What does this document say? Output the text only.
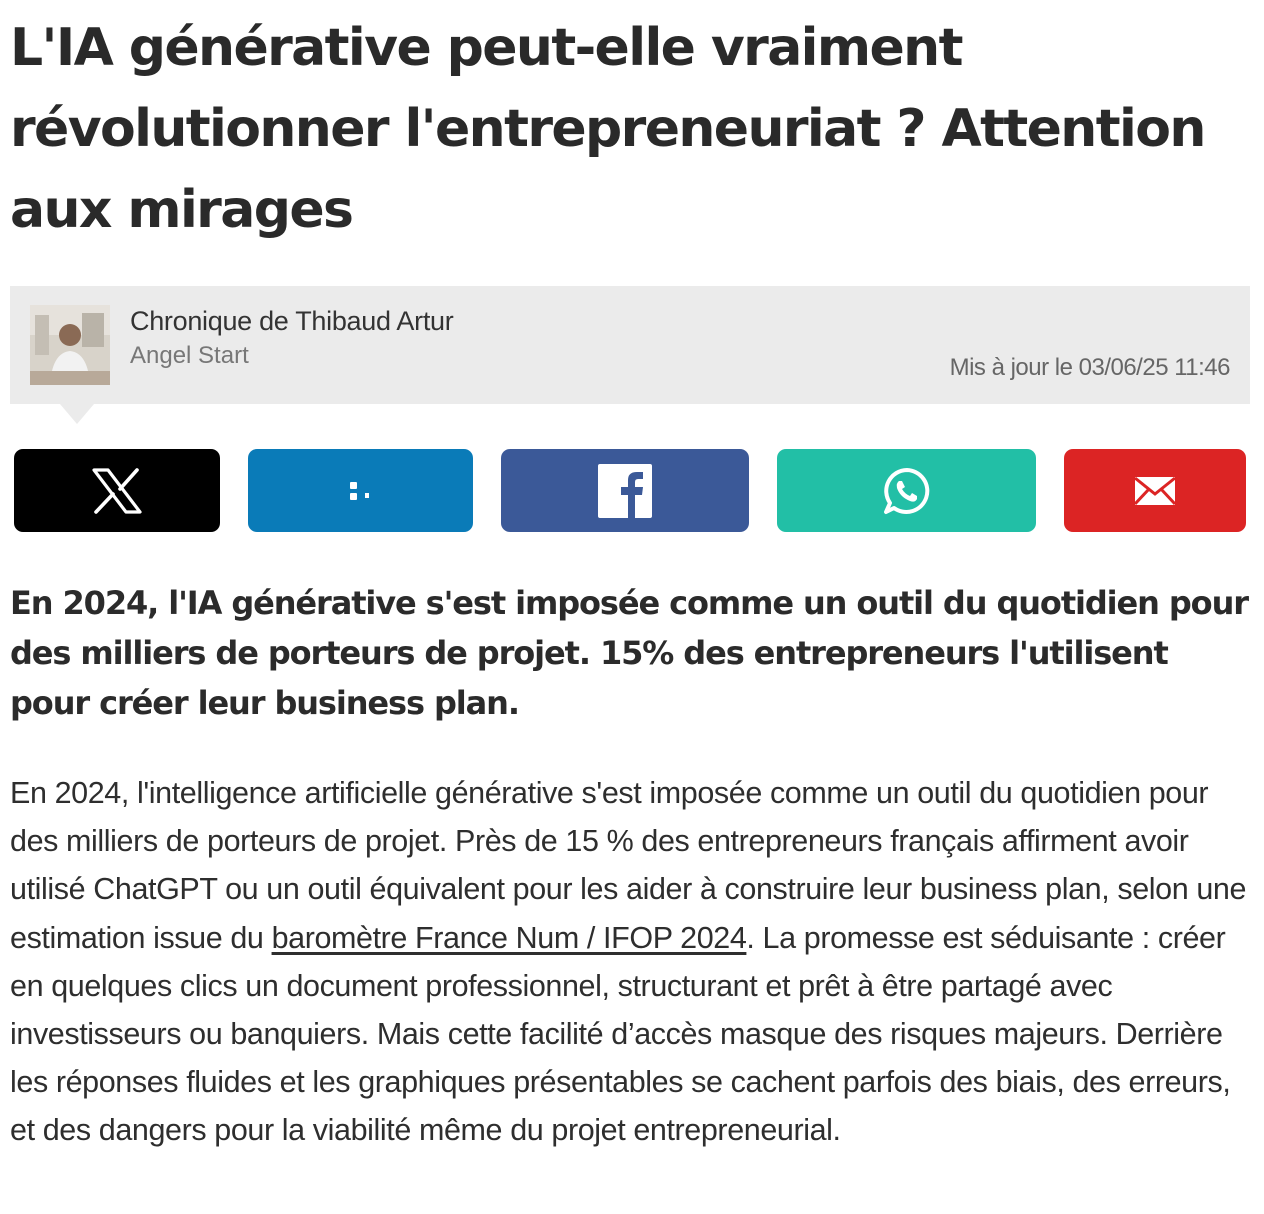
L'IA générative peut-elle vraiment révolutionner l'entrepreneuriat ? Attention aux mirages
Chronique de Thibaud Artur
Angel Start	Mis à jour le 03/06/25 11:46

En 2024, l'IA générative s'est imposée comme un outil du quotidien pour des milliers de porteurs de projet. 15% des entrepreneurs l'utilisent pour créer leur business plan.

En 2024, l'intelligence artificielle générative s'est imposée comme un outil du quotidien pour des milliers de porteurs de projet. Près de 15 % des entrepreneurs français affirment avoir utilisé ChatGPT ou un outil équivalent pour les aider à construire leur business plan, selon une estimation issue du baromètre France Num / IFOP 2024. La promesse est séduisante : créer en quelques clics un document professionnel, structurant et prêt à être partagé avec investisseurs ou banquiers. Mais cette facilité d’accès masque des risques majeurs. Derrière les réponses fluides et les graphiques présentables se cachent parfois des biais, des erreurs, et des dangers pour la viabilité même du projet entrepreneurial.
